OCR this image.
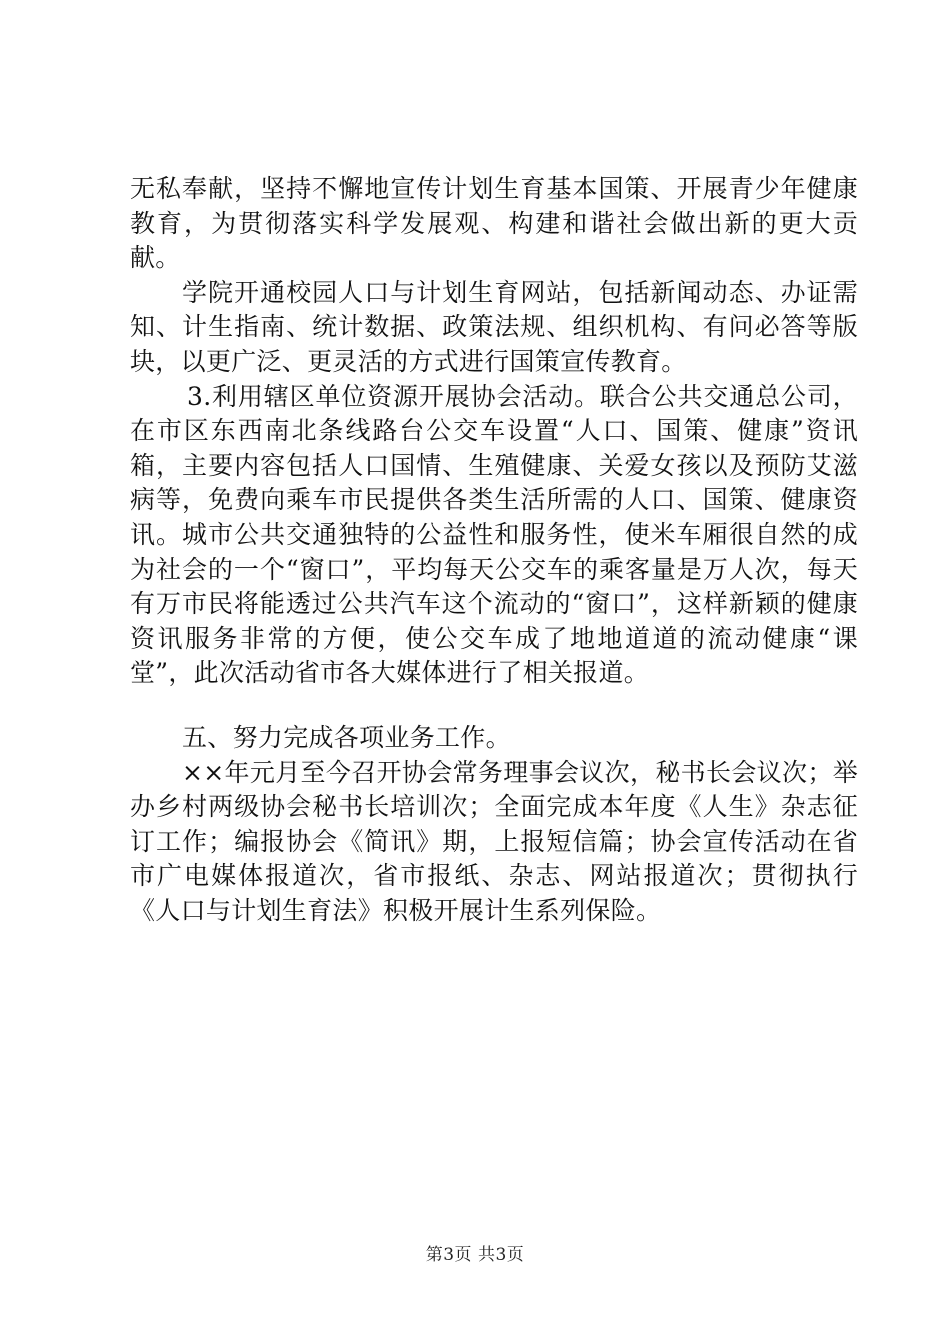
无私奉献，坚持不懈地宣传计划生育基本国策、开展青少年健康教育，为贯彻落实科学发展观、构建和谐社会做出新的更大贡献。

学院开通校园人口与计划生育网站，包括新闻动态、办证需知、计生指南、统计数据、政策法规、组织机构、有问必答等版块，以更广泛、更灵活的方式进行国策宣传教育。

3.利用辖区单位资源开展协会活动。联合公共交通总公司，在市区东西南北条线路台公交车设置“人口、国策、健康”资讯箱，主要内容包括人口国情、生殖健康、关爱女孩以及预防艾滋病等，免费向乘车市民提供各类生活所需的人口、国策、健康资讯。城市公共交通独特的公益性和服务性，使米车厢很自然的成为社会的一个“窗口”，平均每天公交车的乘客量是万人次，每天有万市民将能透过公共汽车这个流动的“窗口”，这样新颖的健康资讯服务非常的方便，使公交车成了地地道道的流动健康“课堂”，此次活动省市各大媒体进行了相关报道。

五、努力完成各项业务工作。

××年元月至今召开协会常务理事会议次，秘书长会议次；举办乡村两级协会秘书长培训次；全面完成本年度《人生》杂志征订工作；编报协会《简讯》期，上报短信篇；协会宣传活动在省市广电媒体报道次，省市报纸、杂志、网站报道次；贯彻执行《人口与计划生育法》积极开展计生系列保险。

第3页 共3页
